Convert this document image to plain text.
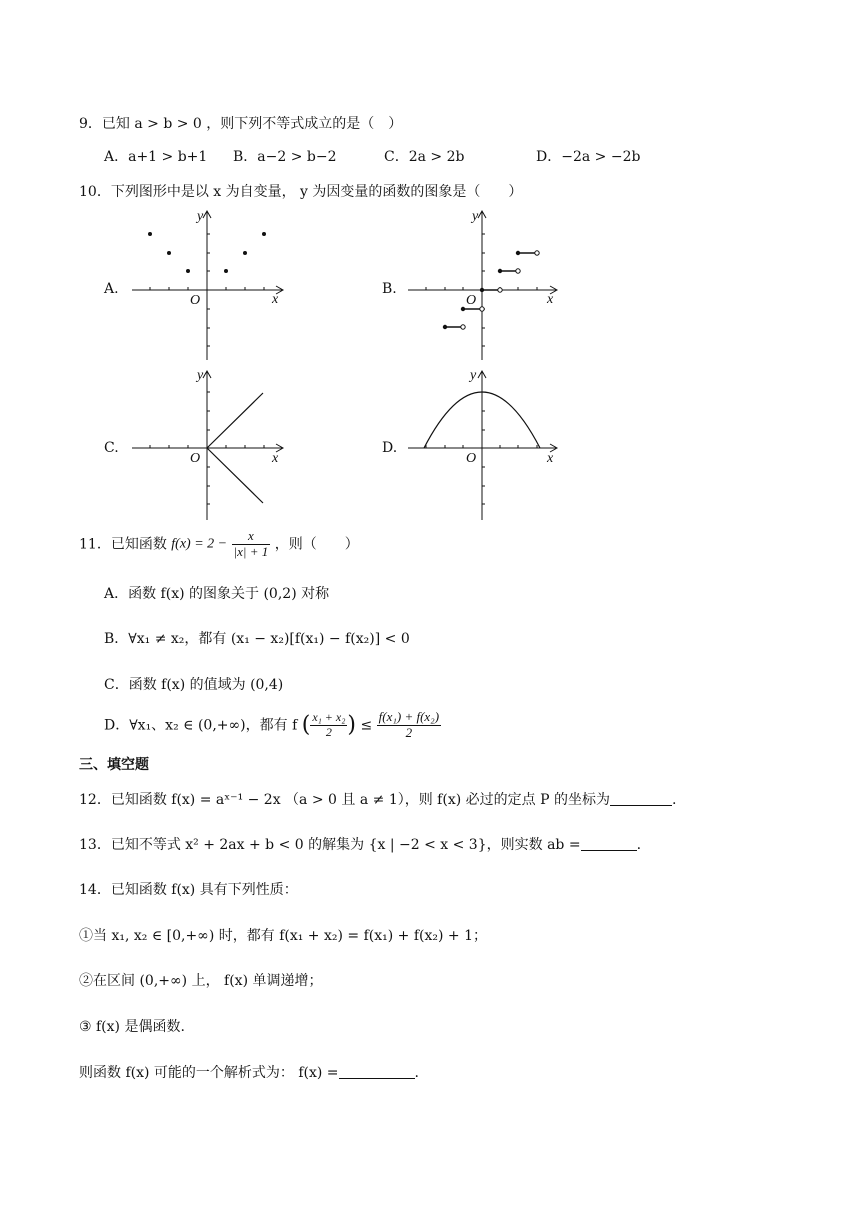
9．已知 a > b > 0 ，则下列不等式成立的是（　）
A．a+1 > b+1 B．a−2 > b−2	C．2a > 2b	D．−2a > −2b
10．下列图形中是以 x 为自变量， y 为因变量的函数的图象是（　　）
A.	B.
C.	D.
O	x
y
O	x
y
O	x
y
O	x
y
11．已知函数 $f(x) = 2 - \frac{x}{|x| + 1}$ ，则（　　）
A．函数 f(x) 的图象关于 (0,2) 对称
B．∀x₁ ≠ x₂，都有 (x₁ − x₂)[f(x₁) − f(x₂)] < 0
C．函数 f(x) 的值域为 (0,4)
D．∀x₁、x₂ ∈ (0,+∞)，都有 f ( $\frac{\text{x₁ + x₂}}{2}$ ) ≤ $\frac{\text{f(x₁) + f(x₂)}}{2}$
三、填空题
12．已知函数 f(x) = aˣ⁻¹ − 2x （a > 0 且 a ≠ 1），则 f(x) 必过的定点 P 的坐标为	.
13．已知不等式 x² + 2ax + b < 0 的解集为 {x | −2 < x < 3}，则实数 ab =	.
14．已知函数 f(x) 具有下列性质：
①当 x₁, x₂ ∈ [0,+∞) 时，都有 f(x₁ + x₂) = f(x₁) + f(x₂) + 1；
②在区间 (0,+∞) 上， f(x) 单调递增；
③ f(x) 是偶函数.
则函数 f(x) 可能的一个解析式为： f(x) =	.
